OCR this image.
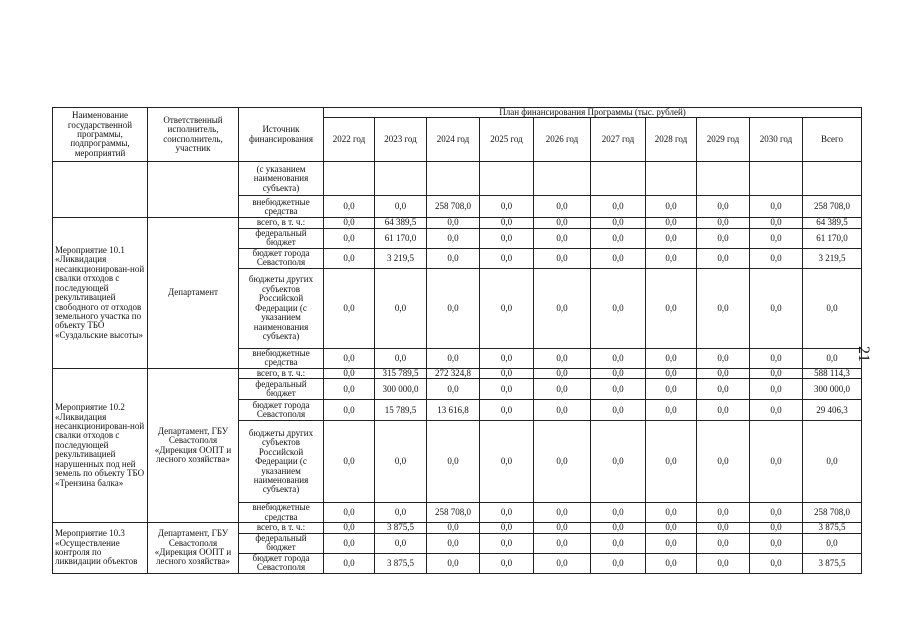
21
Наименование государственной программы, подпрограммы, мероприятий	Ответственный исполнитель, соисполнитель, участник	Источник финансирования	План финансирования Программы (тыс. рублей)									
			2022 год	2023 год	2024 год	2025 год	2026 год	2027 год	2028 год	2029 год	2030 год	Всего
		(с указанием наименования субъекта)										
		внебюджетные средства	0,0	0,0	258 708,0	0,0	0,0	0,0	0,0	0,0	0,0	258 708,0
Мероприятие 10.1 «Ликвидация несанкционирован-ной свалки отходов с последующей рекультивацией свободного от отходов земельного участка по объекту ТБО «Суздальские высоты»	Департамент	всего, в т. ч.:	0,0	64 389,5	0,0	0,0	0,0	0,0	0,0	0,0	0,0	64 389,5
		федеральный бюджет	0,0	61 170,0	0,0	0,0	0,0	0,0	0,0	0,0	0,0	61 170,0
		бюджет города Севастополя	0,0	3 219,5	0,0	0,0	0,0	0,0	0,0	0,0	0,0	3 219,5
		бюджеты других субъектов Российской Федерации (с указанием наименования субъекта)	0,0	0,0	0,0	0,0	0,0	0,0	0,0	0,0	0,0	0,0
		внебюджетные средства	0,0	0,0	0,0	0,0	0,0	0,0	0,0	0,0	0,0	0,0
Мероприятие 10.2 «Ликвидация несанкционирован-ной свалки отходов с последующей рекультивацией нарушенных под ней земель по объекту ТБО «Трензина балка»	Департамент, ГБУ Севастополя «Дирекция ООПТ и лесного хозяйства»	всего, в т. ч.:	0,0	315 789,5	272 324,8	0,0	0,0	0,0	0,0	0,0	0,0	588 114,3
		федеральный бюджет	0,0	300 000,0	0,0	0,0	0,0	0,0	0,0	0,0	0,0	300 000,0
		бюджет города Севастополя	0,0	15 789,5	13 616,8	0,0	0,0	0,0	0,0	0,0	0,0	29 406,3
		бюджеты других субъектов Российской Федерации (с указанием наименования субъекта)	0,0	0,0	0,0	0,0	0,0	0,0	0,0	0,0	0,0	0,0
		внебюджетные средства	0,0	0,0	258 708,0	0,0	0,0	0,0	0,0	0,0	0,0	258 708,0
Мероприятие 10.3 «Осуществление контроля по ликвидации объектов	Департамент, ГБУ Севастополя «Дирекция ООПТ и лесного хозяйства»	всего, в т. ч.:	0,0	3 875,5	0,0	0,0	0,0	0,0	0,0	0,0	0,0	3 875,5
		федеральный бюджет	0,0	0,0	0,0	0,0	0,0	0,0	0,0	0,0	0,0	0,0
		бюджет города Севастополя	0,0	3 875,5	0,0	0,0	0,0	0,0	0,0	0,0	0,0	3 875,5
